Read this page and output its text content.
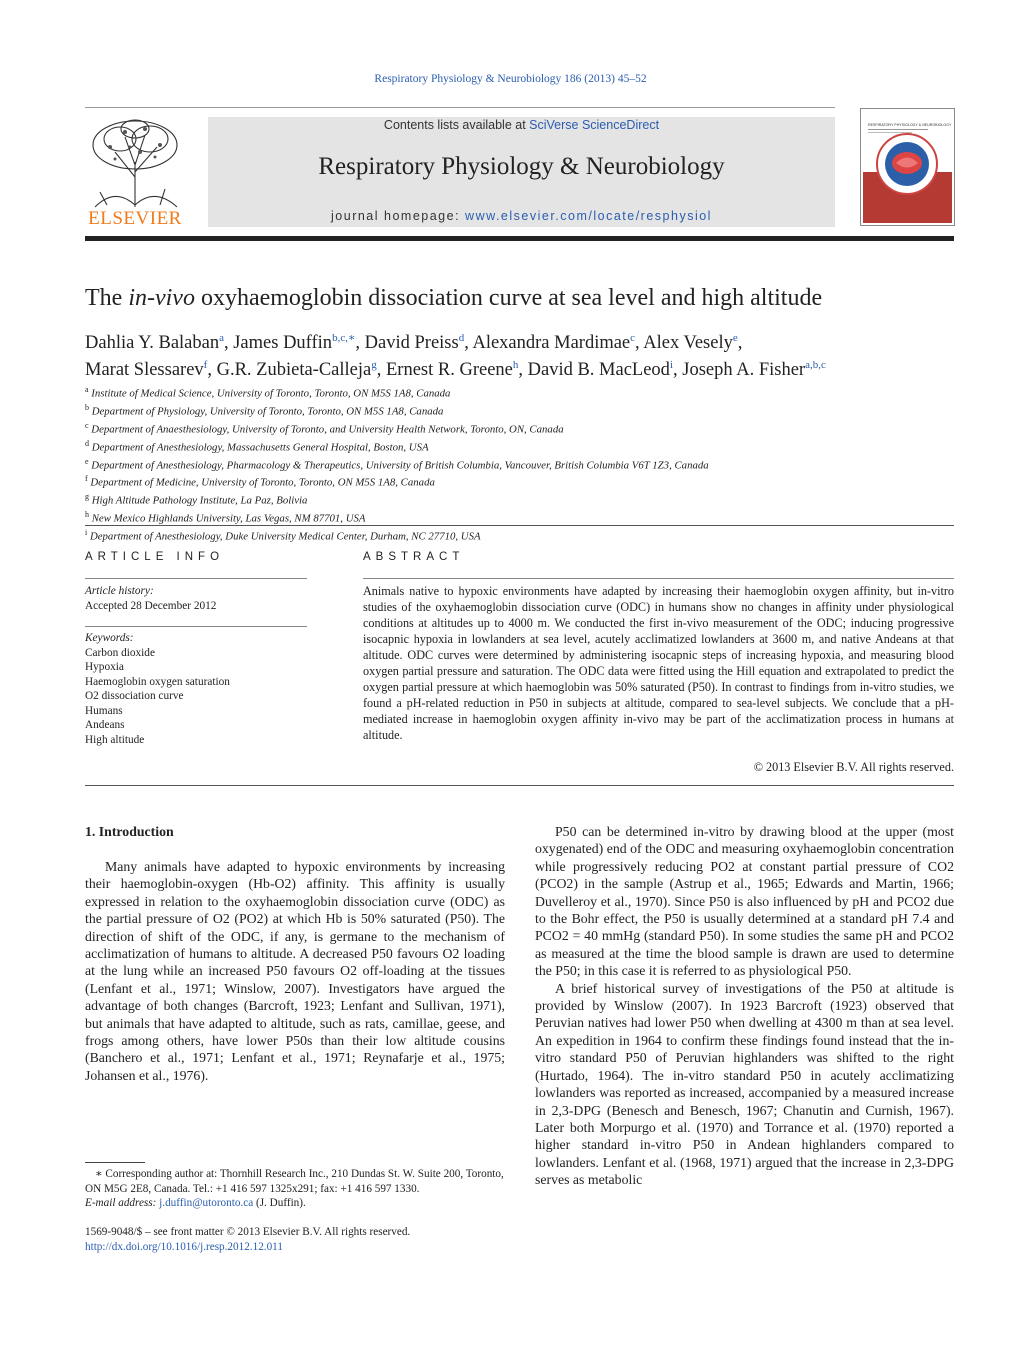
Respiratory Physiology & Neurobiology 186 (2013) 45–52
ELSEVIER
Contents lists available at SciVerse ScienceDirect
Respiratory Physiology & Neurobiology
journal homepage: www.elsevier.com/locate/resphysiol
RESPIRATORY PHYSIOLOGY & NEUROBIOLOGY
The in-vivo oxyhaemoglobin dissociation curve at sea level and high altitude
Dahlia Y. Balaban$^a$, James Duffin$^{b,c,∗}$, David Preiss$^d$, Alexandra Mardimae$^c$, Alex Vesely$^e$,
Marat Slessarev$^f$, G.R. Zubieta-Calleja$^g$, Ernest R. Greene$^h$, David B. MacLeod$^i$, Joseph A. Fisher$^{a,b,c}$
$^a$ Institute of Medical Science, University of Toronto, Toronto, ON M5S 1A8, Canada
$^b$ Department of Physiology, University of Toronto, Toronto, ON M5S 1A8, Canada
$^c$ Department of Anaesthesiology, University of Toronto, and University Health Network, Toronto, ON, Canada
$^d$ Department of Anesthesiology, Massachusetts General Hospital, Boston, USA
$^e$ Department of Anesthesiology, Pharmacology & Therapeutics, University of British Columbia, Vancouver, British Columbia V6T 1Z3, Canada
$^f$ Department of Medicine, University of Toronto, Toronto, ON M5S 1A8, Canada
$^g$ High Altitude Pathology Institute, La Paz, Bolivia
$^h$ New Mexico Highlands University, Las Vegas, NM 87701, USA
$^i$ Department of Anesthesiology, Duke University Medical Center, Durham, NC 27710, USA
ARTICLE INFO
Article history:
Accepted 28 December 2012
Keywords:
Carbon dioxide
Hypoxia
Haemoglobin oxygen saturation
O2 dissociation curve
Humans
Andeans
High altitude
ABSTRACT
Animals native to hypoxic environments have adapted by increasing their haemoglobin oxygen affinity, but in-vitro studies of the oxyhaemoglobin dissociation curve (ODC) in humans show no changes in affinity under physiological conditions at altitudes up to 4000 m. We conducted the first in-vivo measurement of the ODC; inducing progressive isocapnic hypoxia in lowlanders at sea level, acutely acclimatized lowlanders at 3600 m, and native Andeans at that altitude. ODC curves were determined by administering isocapnic steps of increasing hypoxia, and measuring blood oxygen partial pressure and saturation. The ODC data were fitted using the Hill equation and extrapolated to predict the oxygen partial pressure at which haemoglobin was 50% saturated (P50). In contrast to findings from in-vitro studies, we found a pH-related reduction in P50 in subjects at altitude, compared to sea-level subjects. We conclude that a pH-mediated increase in haemoglobin oxygen affinity in-vivo may be part of the acclimatization process in humans at altitude.
© 2013 Elsevier B.V. All rights reserved.
1. Introduction

Many animals have adapted to hypoxic environments by increasing their haemoglobin-oxygen (Hb-O2) affinity. This affinity is usually expressed in relation to the oxyhaemoglobin dissociation curve (ODC) as the partial pressure of O2 (PO2) at which Hb is 50% saturated (P50). The direction of shift of the ODC, if any, is germane to the mechanism of acclimatization of humans to altitude. A decreased P50 favours O2 loading at the lung while an increased P50 favours O2 off-loading at the tissues (Lenfant et al., 1971; Winslow, 2007). Investigators have argued the advantage of both changes (Barcroft, 1923; Lenfant and Sullivan, 1971), but animals that have adapted to altitude, such as rats, camillae, geese, and frogs among others, have lower P50s than their low altitude cousins (Banchero et al., 1971; Lenfant et al., 1971; Reynafarje et al., 1975; Johansen et al., 1976).

P50 can be determined in-vitro by drawing blood at the upper (most oxygenated) end of the ODC and measuring oxyhaemoglobin concentration while progressively reducing PO2 at constant partial pressure of CO2 (PCO2) in the sample (Astrup et al., 1965; Edwards and Martin, 1966; Duvelleroy et al., 1970). Since P50 is also influenced by pH and PCO2 due to the Bohr effect, the P50 is usually determined at a standard pH 7.4 and PCO2 = 40 mmHg (standard P50). In some studies the same pH and PCO2 as measured at the time the blood sample is drawn are used to determine the P50; in this case it is referred to as physiological P50.

A brief historical survey of investigations of the P50 at altitude is provided by Winslow (2007). In 1923 Barcroft (1923) observed that Peruvian natives had lower P50 when dwelling at 4300 m than at sea level. An expedition in 1964 to confirm these findings found instead that the in-vitro standard P50 of Peruvian highlanders was shifted to the right (Hurtado, 1964). The in-vitro standard P50 in acutely acclimatizing lowlanders was reported as increased, accompanied by a measured increase in 2,3-DPG (Benesch and Benesch, 1967; Chanutin and Curnish, 1967). Later both Morpurgo et al. (1970) and Torrance et al. (1970) reported a higher standard in-vitro P50 in Andean highlanders compared to lowlanders. Lenfant et al. (1968, 1971) argued that the increase in 2,3-DPG serves as metabolic

∗ Corresponding author at: Thornhill Research Inc., 210 Dundas St. W. Suite 200, Toronto, ON M5G 2E8, Canada. Tel.: +1 416 597 1325x291; fax: +1 416 597 1330.
E-mail address: j.duffin@utoronto.ca (J. Duffin).
1569-9048/$ – see front matter © 2013 Elsevier B.V. All rights reserved.
http://dx.doi.org/10.1016/j.resp.2012.12.011
